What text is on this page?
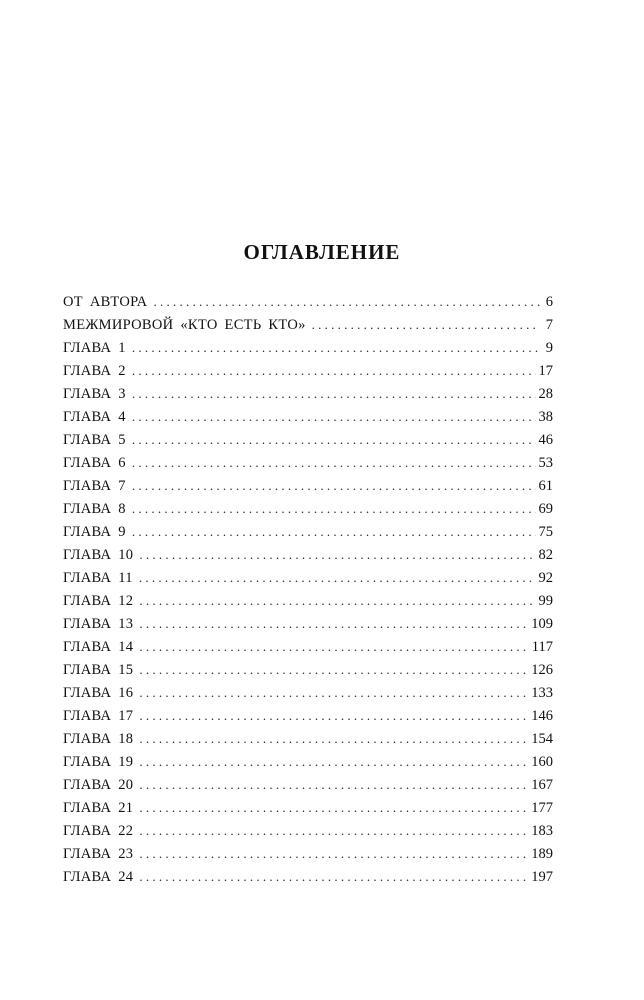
ОГЛАВЛЕНИЕ
ОТ АВТОРА . . .	6
МЕЖМИРОВОЙ «КТО ЕСТЬ КТО» . . .	7
ГЛАВА 1 . . .	9
ГЛАВА 2 . . .	17
ГЛАВА 3 . . .	28
ГЛАВА 4 . . .	38
ГЛАВА 5 . . .	46
ГЛАВА 6 . . .	53
ГЛАВА 7 . . .	61
ГЛАВА 8 . . .	69
ГЛАВА 9 . . .	75
ГЛАВА 10 . . .	82
ГЛАВА 11 . . .	92
ГЛАВА 12 . . .	99
ГЛАВА 13 . . .	109
ГЛАВА 14 . . .	117
ГЛАВА 15 . . .	126
ГЛАВА 16 . . .	133
ГЛАВА 17 . . .	146
ГЛАВА 18 . . .	154
ГЛАВА 19 . . .	160
ГЛАВА 20 . . .	167
ГЛАВА 21 . . .	177
ГЛАВА 22 . . .	183
ГЛАВА 23 . . .	189
ГЛАВА 24 . . .	197
